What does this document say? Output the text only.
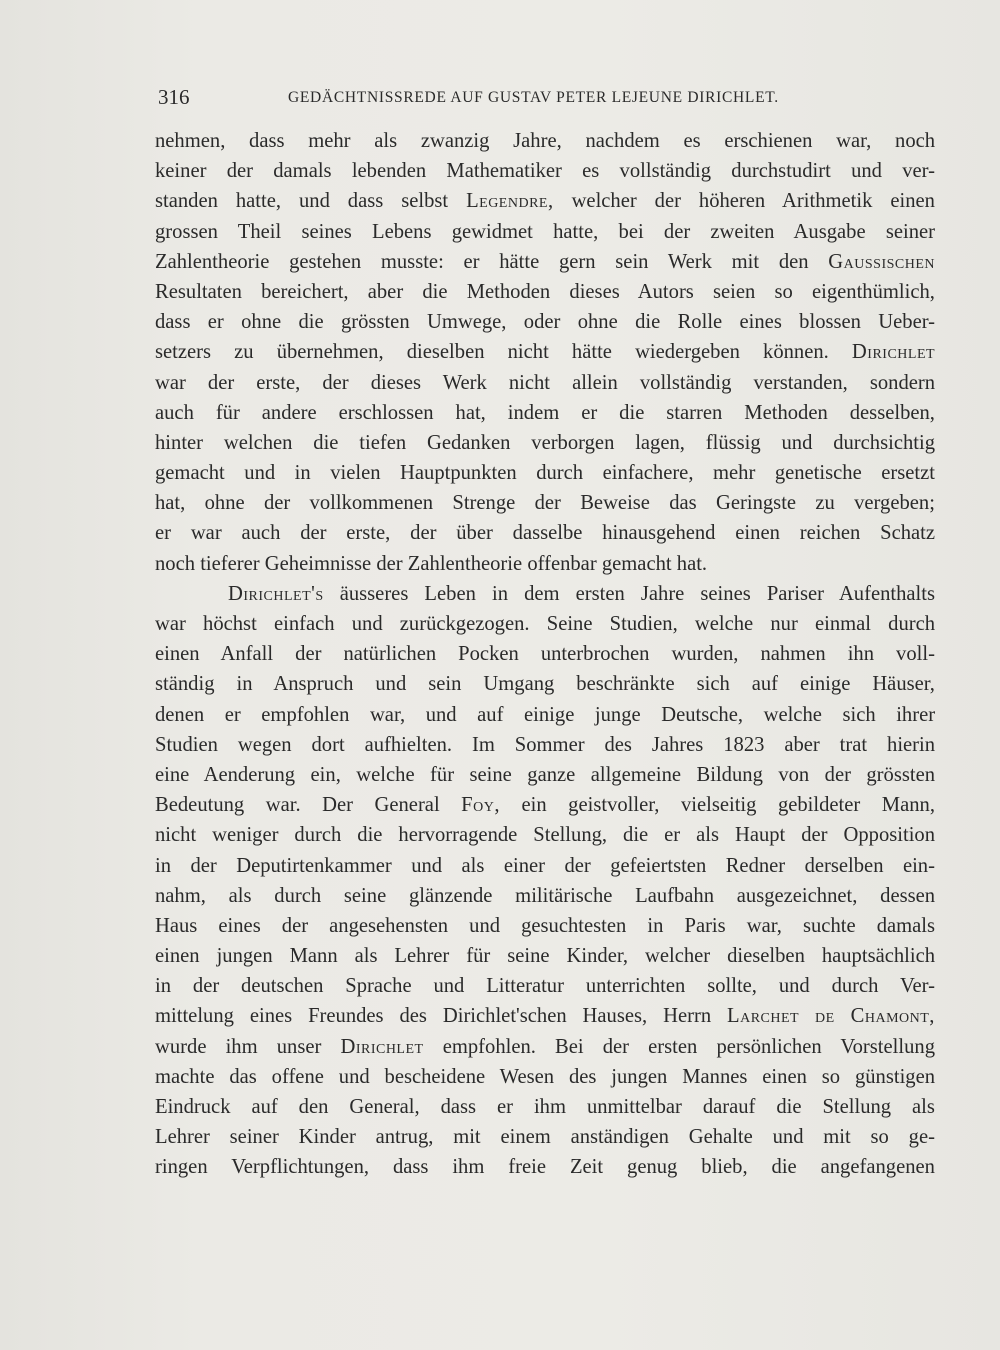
316	GEDÄCHTNISSREDE AUF GUSTAV PETER LEJEUNE DIRICHLET.
nehmen, dass mehr als zwanzig Jahre, nachdem es erschienen war, noch
keiner der damals lebenden Mathematiker es vollständig durchstudirt und ver-
standen hatte, und dass selbst Legendre, welcher der höheren Arithmetik einen
grossen Theil seines Lebens gewidmet hatte, bei der zweiten Ausgabe seiner
Zahlentheorie gestehen musste: er hätte gern sein Werk mit den Gaussischen
Resultaten bereichert, aber die Methoden dieses Autors seien so eigenthümlich,
dass er ohne die grössten Umwege, oder ohne die Rolle eines blossen Ueber-
setzers zu übernehmen, dieselben nicht hätte wiedergeben können. Dirichlet
war der erste, der dieses Werk nicht allein vollständig verstanden, sondern
auch für andere erschlossen hat, indem er die starren Methoden desselben,
hinter welchen die tiefen Gedanken verborgen lagen, flüssig und durchsichtig
gemacht und in vielen Hauptpunkten durch einfachere, mehr genetische ersetzt
hat, ohne der vollkommenen Strenge der Beweise das Geringste zu vergeben;
er war auch der erste, der über dasselbe hinausgehend einen reichen Schatz
noch tieferer Geheimnisse der Zahlentheorie offenbar gemacht hat.
Dirichlet's äusseres Leben in dem ersten Jahre seines Pariser Aufenthalts
war höchst einfach und zurückgezogen. Seine Studien, welche nur einmal durch
einen Anfall der natürlichen Pocken unterbrochen wurden, nahmen ihn voll-
ständig in Anspruch und sein Umgang beschränkte sich auf einige Häuser,
denen er empfohlen war, und auf einige junge Deutsche, welche sich ihrer
Studien wegen dort aufhielten. Im Sommer des Jahres 1823 aber trat hierin
eine Aenderung ein, welche für seine ganze allgemeine Bildung von der grössten
Bedeutung war. Der General Foy, ein geistvoller, vielseitig gebildeter Mann,
nicht weniger durch die hervorragende Stellung, die er als Haupt der Opposition
in der Deputirtenkammer und als einer der gefeiertsten Redner derselben ein-
nahm, als durch seine glänzende militärische Laufbahn ausgezeichnet, dessen
Haus eines der angesehensten und gesuchtesten in Paris war, suchte damals
einen jungen Mann als Lehrer für seine Kinder, welcher dieselben hauptsächlich
in der deutschen Sprache und Litteratur unterrichten sollte, und durch Ver-
mittelung eines Freundes des Dirichlet'schen Hauses, Herrn Larchet de Chamont,
wurde ihm unser Dirichlet empfohlen. Bei der ersten persönlichen Vorstellung
machte das offene und bescheidene Wesen des jungen Mannes einen so günstigen
Eindruck auf den General, dass er ihm unmittelbar darauf die Stellung als
Lehrer seiner Kinder antrug, mit einem anständigen Gehalte und mit so ge-
ringen Verpflichtungen, dass ihm freie Zeit genug blieb, die angefangenen
